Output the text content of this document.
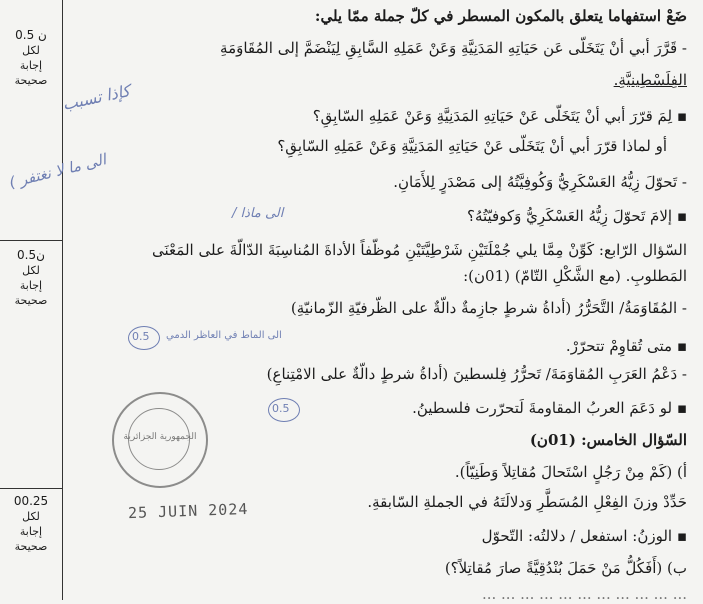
0.5 ن
لكل
إجابة
صحيحة
0.5ن
لكل
إجابة
صحيحة
00.25
لكل
إجابة
صحيحة
ضَعْ استفهاما يتعلق بالمكون المسطر في كلّ جملة ممّا يلي:
- قَرَّرَ أبي أنْ يَتَخَلّى عَن حَيَاتِهِ المَدَنِيَّةِ وَعَنْ عَمَلِهِ السَّابِقِ لِيَنْضَمَّ إلى المُقَاوَمَةِ
الفِلَسْطِينيَّةِ.
▪ لِمَ قرّرَ أبي أنْ يَتَخَلّى عَنْ حَيَاتِهِ المَدَنِيَّةِ وَعَنْ عَمَلِهِ السّابِقِ؟
أو لماذا قرّرَ أبي أنْ يَتَخَلّى عَنْ حَيَاتِهِ المَدَنِيَّةِ وَعَنْ عَمَلِهِ السّابِقِ؟
- تَحوّلَ زِيُّهُ العَسْكَرِيُّ وَكُوفِيَّتُهُ إلى مَصْدَرٍ لِلأَمَانِ.
▪ إلامَ تَحوّلَ زِيُّهُ العَسْكَرِيُّ وَكوفيّتُهُ؟
السّؤال الرّابع: كَوِّنْ مِمَّا يلي جُمْلَتَيْنِ شَرْطِيَّتَيْنِ مُوظّفاً الأداةَ المُناسِبَةَ الدّالّةَ على المَعْنَى
المَطلوبِ. (مع الشَّكْلِ التّامّ) (01ن):
- المُقَاوَمَةُ/ التَّحَرُّرُ (أداةُ شرطٍ جازِمةٌ دالّةٌ على الظّرفيّةِ الزّمانيّةِ)
▪ متى تُقاوِمْ تتحرّرْ.
- دَعْمُ العَرَبِ المُقاوَمَةَ/ تَحرُّرُ فِلسطينَ (أداةُ شرطٍ دالّةٌ على الامْتِناعِ)
▪ لو دَعَمَ العربُ المقاومةَ لَتحرّرت فلسطينُ.
السّؤال الخامس: (01ن)
أ) (كَمْ مِنْ رَجُلٍ اسْتَحالَ مُقاتِلاً وَطَنِيّاً).
حَدِّدْ وزنَ الفِعْلِ المُسَطَّرِ وَدلالَتَهُ في الجملةِ السّابقةِ.
▪ الوزنُ: استفعل / دلالتُه: التّحوّل
ب) (أَفَكُلُّ مَنْ حَمَلَ بُنْدُقِيَّةً صارَ مُقاتِلاً؟)
... ... ... ... ... ... ... ... ... ... ...
كإذا تسبب
( الى ما لا نغتفر
/ الى ماذا
0.5 الى الماط في العاظر الدمي
0.5
الجمهورية الجزائرية
25 JUIN 2024
